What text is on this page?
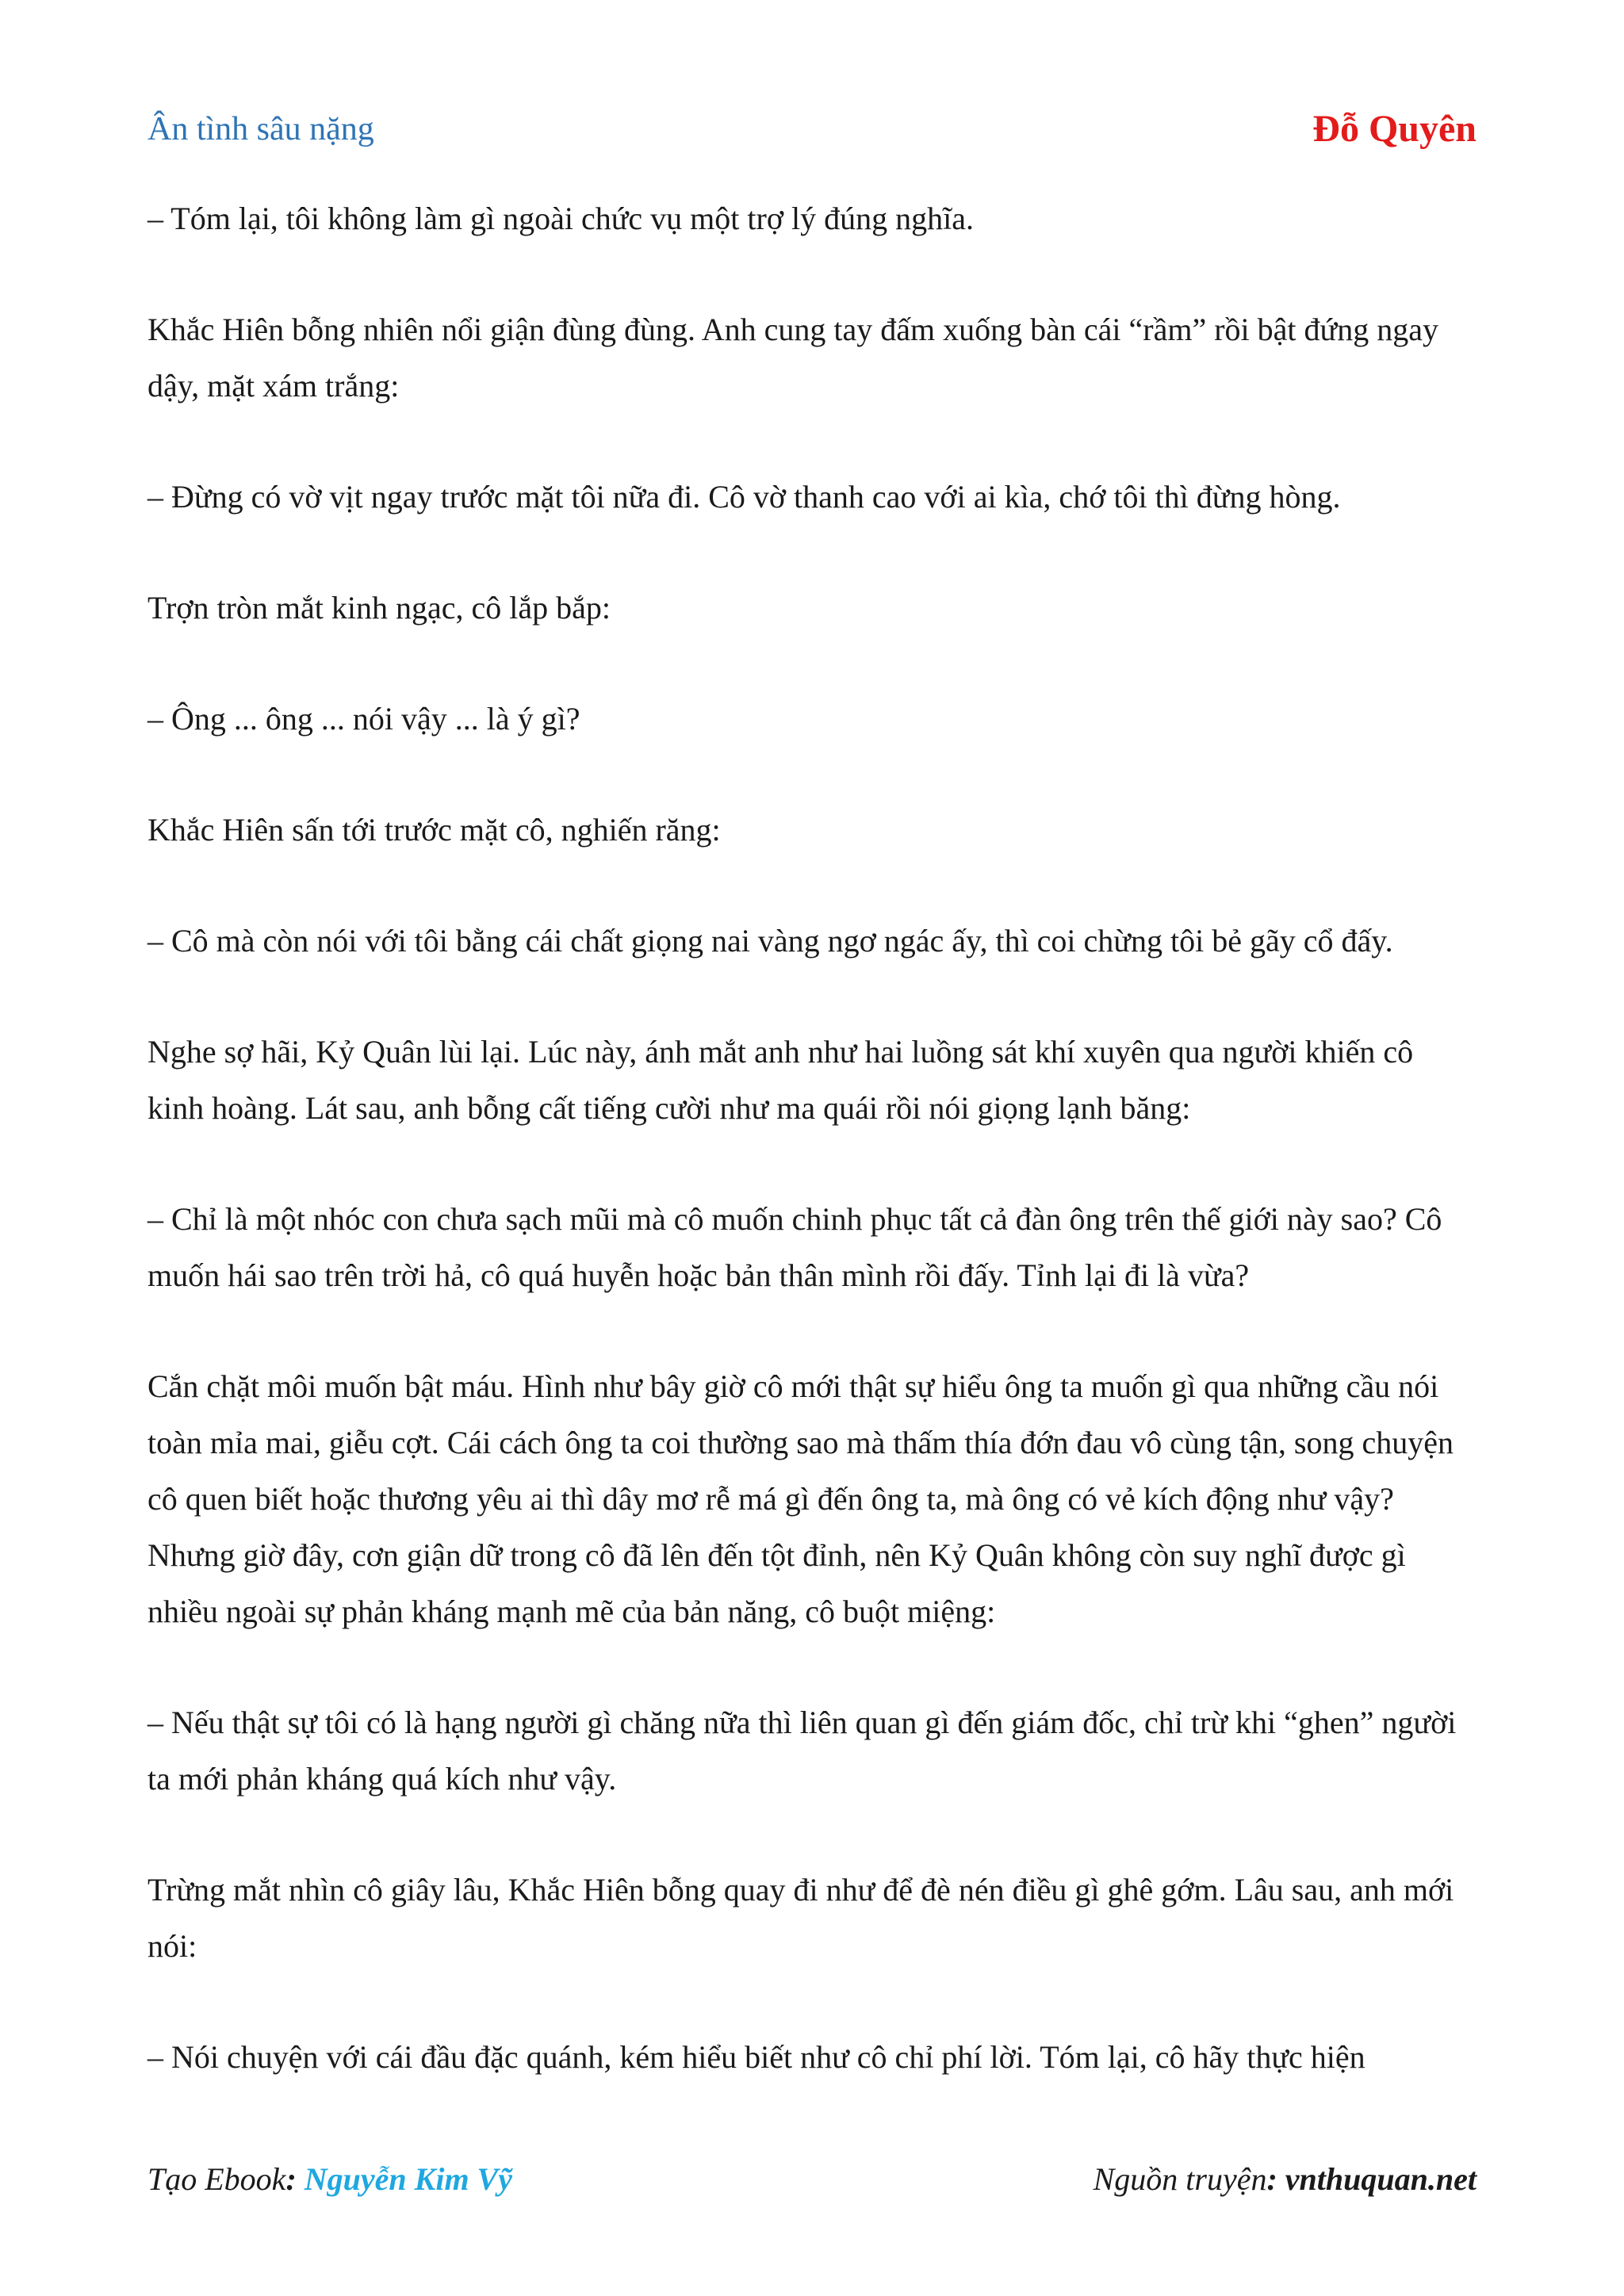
Ân tình sâu nặng	Đỗ Quyên

– Tóm lại, tôi không làm gì ngoài chức vụ một trợ lý đúng nghĩa.

Khắc Hiên bỗng nhiên nổi giận đùng đùng. Anh cung tay đấm xuống bàn cái “rầm” rồi bật đứng ngay dậy, mặt xám trắng:

– Đừng có vờ vịt ngay trước mặt tôi nữa đi. Cô vờ thanh cao với ai kìa, chớ tôi thì đừng hòng.

Trợn tròn mắt kinh ngạc, cô lắp bắp:

– Ông ... ông ... nói vậy ... là ý gì?

Khắc Hiên sấn tới trước mặt cô, nghiến răng:

– Cô mà còn nói với tôi bằng cái chất giọng nai vàng ngơ ngác ấy, thì coi chừng tôi bẻ gãy cổ đấy.

Nghe sợ hãi, Kỷ Quân lùi lại. Lúc này, ánh mắt anh như hai luồng sát khí xuyên qua người khiến cô kinh hoàng. Lát sau, anh bỗng cất tiếng cười như ma quái rồi nói giọng lạnh băng:

– Chỉ là một nhóc con chưa sạch mũi mà cô muốn chinh phục tất cả đàn ông trên thế giới này sao? Cô muốn hái sao trên trời hả, cô quá huyễn hoặc bản thân mình rồi đấy. Tỉnh lại đi là vừa?

Cắn chặt môi muốn bật máu. Hình như bây giờ cô mới thật sự hiểu ông ta muốn gì qua những cầu nói toàn mỉa mai, giễu cợt. Cái cách ông ta coi thường sao mà thấm thía đớn đau vô cùng tận, song chuyện cô quen biết hoặc thương yêu ai thì dây mơ rễ má gì đến ông ta, mà ông có vẻ kích động như vậy? Nhưng giờ đây, cơn giận dữ trong cô đã lên đến tột đỉnh, nên Kỷ Quân không còn suy nghĩ được gì nhiều ngoài sự phản kháng mạnh mẽ của bản năng, cô buột miệng:

– Nếu thật sự tôi có là hạng người gì chăng nữa thì liên quan gì đến giám đốc, chỉ trừ khi “ghen” người ta mới phản kháng quá kích như vậy.

Trừng mắt nhìn cô giây lâu, Khắc Hiên bỗng quay đi như để đè nén điều gì ghê gớm. Lâu sau, anh mới nói:

– Nói chuyện với cái đầu đặc quánh, kém hiểu biết như cô chỉ phí lời. Tóm lại, cô hãy thực hiện

Tạo Ebook: Nguyễn Kim Vỹ	Nguồn truyện: vnthuquan.net
